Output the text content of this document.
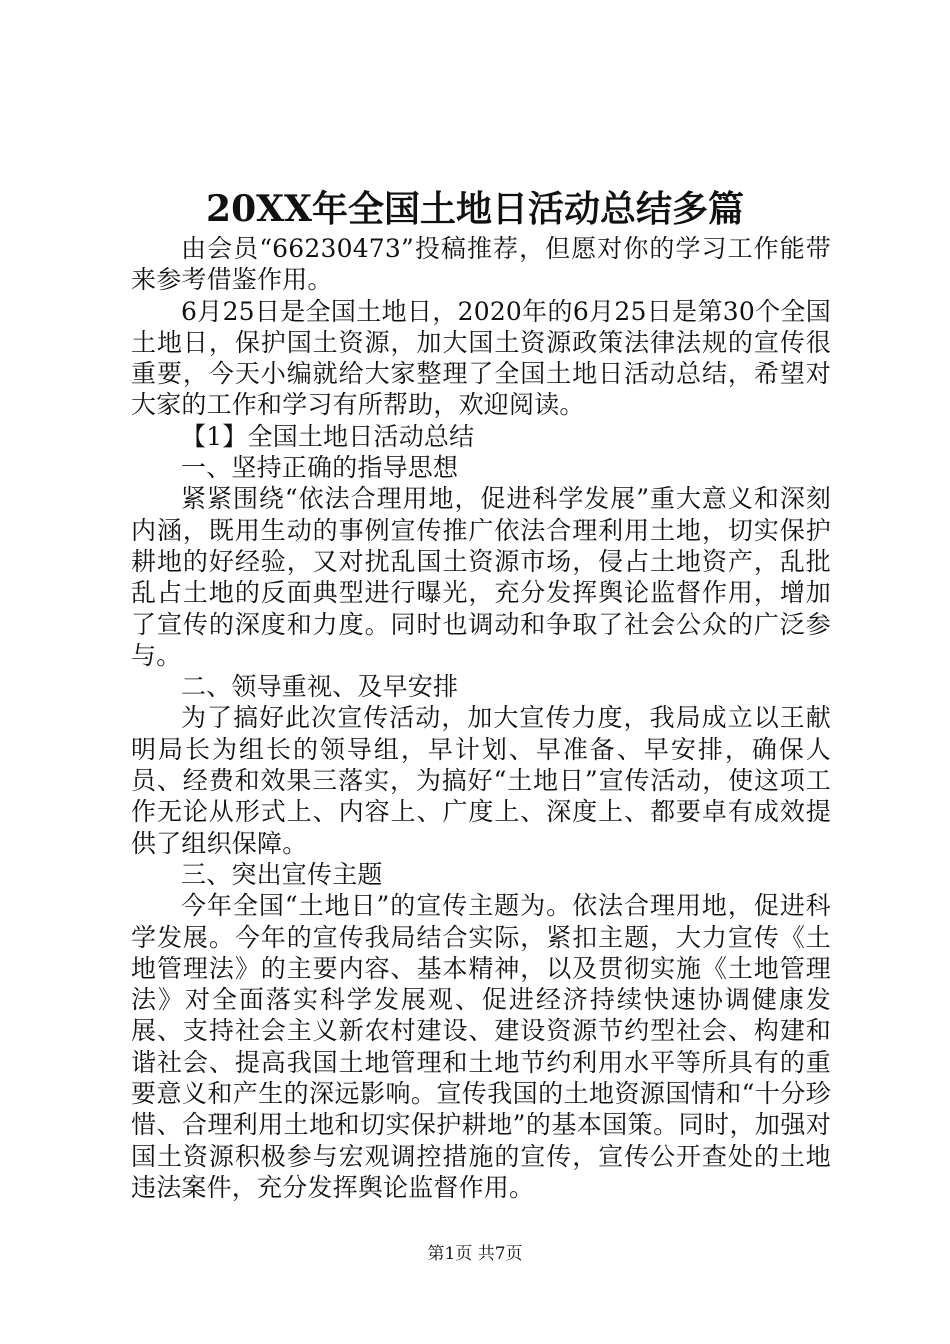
20XX年全国土地日活动总结多篇

由会员“66230473”投稿推荐，但愿对你的学习工作能带来参考借鉴作用。

6月25日是全国土地日，2020年的6月25日是第30个全国土地日，保护国土资源，加大国土资源政策法律法规的宣传很重要，今天小编就给大家整理了全国土地日活动总结，希望对大家的工作和学习有所帮助，欢迎阅读。

【1】全国土地日活动总结

一、坚持正确的指导思想

紧紧围绕“依法合理用地，促进科学发展”重大意义和深刻内涵，既用生动的事例宣传推广依法合理利用土地，切实保护耕地的好经验，又对扰乱国土资源市场，侵占土地资产，乱批乱占土地的反面典型进行曝光，充分发挥舆论监督作用，增加了宣传的深度和力度。同时也调动和争取了社会公众的广泛参与。

二、领导重视、及早安排

为了搞好此次宣传活动，加大宣传力度，我局成立以王献明局长为组长的领导组，早计划、早准备、早安排，确保人员、经费和效果三落实，为搞好“土地日”宣传活动，使这项工作无论从形式上、内容上、广度上、深度上、都要卓有成效提供了组织保障。

三、突出宣传主题

今年全国“土地日”的宣传主题为。依法合理用地，促进科学发展。今年的宣传我局结合实际，紧扣主题，大力宣传《土地管理法》的主要内容、基本精神，以及贯彻实施《土地管理法》对全面落实科学发展观、促进经济持续快速协调健康发展、支持社会主义新农村建设、建设资源节约型社会、构建和谐社会、提高我国土地管理和土地节约利用水平等所具有的重要意义和产生的深远影响。宣传我国的土地资源国情和“十分珍惜、合理利用土地和切实保护耕地”的基本国策。同时，加强对国土资源积极参与宏观调控措施的宣传，宣传公开查处的土地违法案件，充分发挥舆论监督作用。

第1页 共7页
